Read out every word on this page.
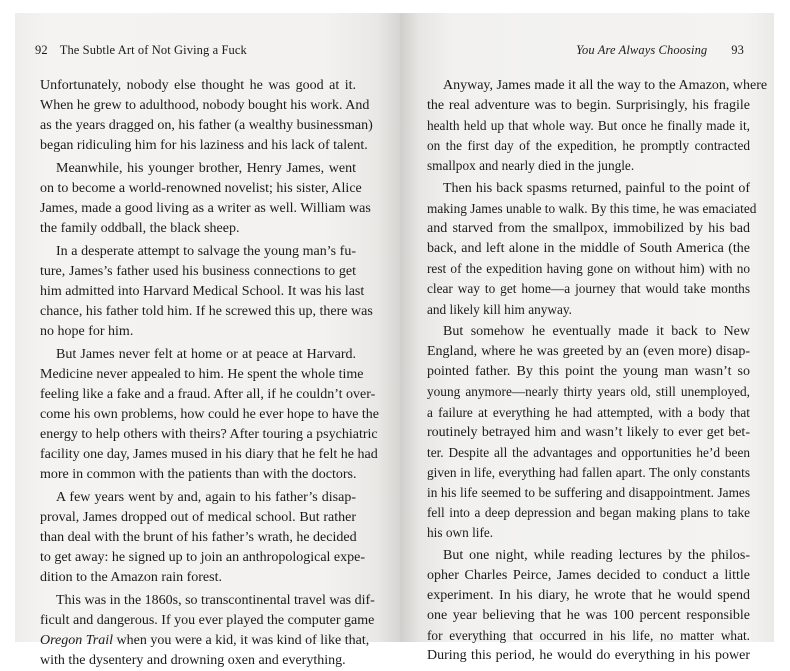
92 The Subtle Art of Not Giving a Fuck
Unfortunately, nobody else thought he was good at it.
When he grew to adulthood, nobody bought his work. And
as the years dragged on, his father (a wealthy businessman)
began ridiculing him for his laziness and his lack of talent.
Meanwhile, his younger brother, Henry James, went
on to become a world-renowned novelist; his sister, Alice
James, made a good living as a writer as well. William was
the family oddball, the black sheep.
In a desperate attempt to salvage the young man’s fu-
ture, James’s father used his business connections to get
him admitted into Harvard Medical School. It was his last
chance, his father told him. If he screwed this up, there was
no hope for him.
But James never felt at home or at peace at Harvard.
Medicine never appealed to him. He spent the whole time
feeling like a fake and a fraud. After all, if he couldn’t over-
come his own problems, how could he ever hope to have the
energy to help others with theirs? After touring a psychiatric
facility one day, James mused in his diary that he felt he had
more in common with the patients than with the doctors.
A few years went by and, again to his father’s disap-
proval, James dropped out of medical school. But rather
than deal with the brunt of his father’s wrath, he decided
to get away: he signed up to join an anthropological expe-
dition to the Amazon rain forest.
This was in the 1860s, so transcontinental travel was dif-
ficult and dangerous. If you ever played the computer game
Oregon Trail when you were a kid, it was kind of like that,
with the dysentery and drowning oxen and everything.
You Are Always Choosing 93
Anyway, James made it all the way to the Amazon, where
the real adventure was to begin. Surprisingly, his fragile
health held up that whole way. But once he finally made it,
on the first day of the expedition, he promptly contracted
smallpox and nearly died in the jungle.
Then his back spasms returned, painful to the point of
making James unable to walk. By this time, he was emaciated
and starved from the smallpox, immobilized by his bad
back, and left alone in the middle of South America (the
rest of the expedition having gone on without him) with no
clear way to get home—a journey that would take months
and likely kill him anyway.
But somehow he eventually made it back to New
England, where he was greeted by an (even more) disap-
pointed father. By this point the young man wasn’t so
young anymore—nearly thirty years old, still unemployed,
a failure at everything he had attempted, with a body that
routinely betrayed him and wasn’t likely to ever get bet-
ter. Despite all the advantages and opportunities he’d been
given in life, everything had fallen apart. The only constants
in his life seemed to be suffering and disappointment. James
fell into a deep depression and began making plans to take
his own life.
But one night, while reading lectures by the philos-
opher Charles Peirce, James decided to conduct a little
experiment. In his diary, he wrote that he would spend
one year believing that he was 100 percent responsible
for everything that occurred in his life, no matter what.
During this period, he would do everything in his power
